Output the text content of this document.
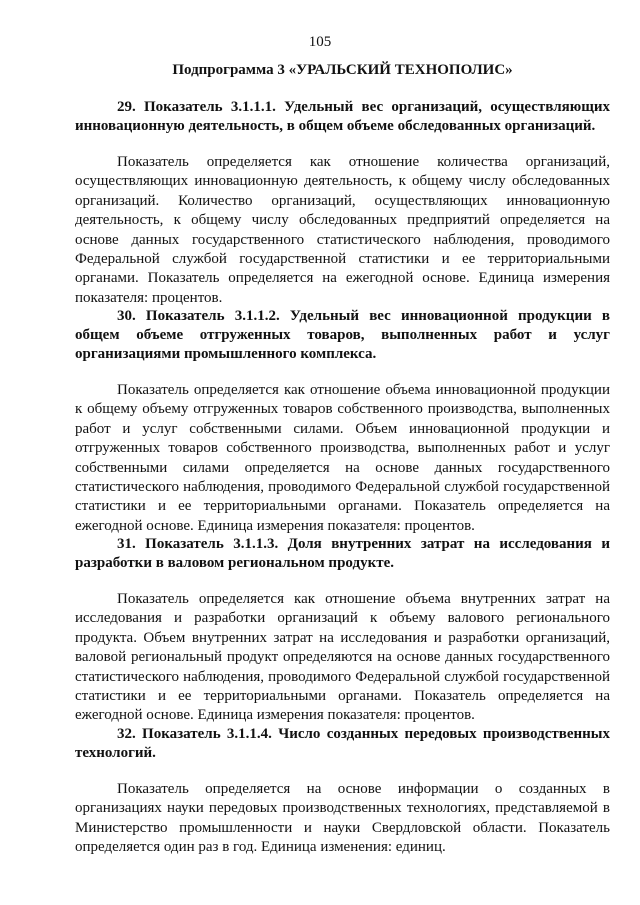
105
Подпрограмма 3 «УРАЛЬСКИЙ ТЕХНОПОЛИС»

29. Показатель 3.1.1.1. Удельный вес организаций, осуществляющих инновационную деятельность, в общем объеме обследованных организаций.

Показатель определяется как отношение количества организаций, осуществляющих инновационную деятельность, к общему числу обследованных организаций. Количество организаций, осуществляющих инновационную деятельность, к общему числу обследованных предприятий определяется на основе данных государственного статистического наблюдения, проводимого Федеральной службой государственной статистики и ее территориальными органами. Показатель определяется на ежегодной основе. Единица измерения показателя: процентов.

30. Показатель 3.1.1.2. Удельный вес инновационной продукции в общем объеме отгруженных товаров, выполненных работ и услуг организациями промышленного комплекса.

Показатель определяется как отношение объема инновационной продукции к общему объему отгруженных товаров собственного производства, выполненных работ и услуг собственными силами. Объем инновационной продукции и отгруженных товаров собственного производства, выполненных работ и услуг собственными силами определяется на основе данных государственного статистического наблюдения, проводимого Федеральной службой государственной статистики и ее территориальными органами. Показатель определяется на ежегодной основе. Единица измерения показателя: процентов.

31. Показатель 3.1.1.3. Доля внутренних затрат на исследования и разработки в валовом региональном продукте.

Показатель определяется как отношение объема внутренних затрат на исследования и разработки организаций к объему валового регионального продукта. Объем внутренних затрат на исследования и разработки организаций, валовой региональный продукт определяются на основе данных государственного статистического наблюдения, проводимого Федеральной службой государственной статистики и ее территориальными органами. Показатель определяется на ежегодной основе. Единица измерения показателя: процентов.

32. Показатель 3.1.1.4. Число созданных передовых производственных технологий.

Показатель определяется на основе информации о созданных в организациях науки передовых производственных технологиях, представляемой в Министерство промышленности и науки Свердловской области. Показатель определяется один раз в год. Единица изменения: единиц.
